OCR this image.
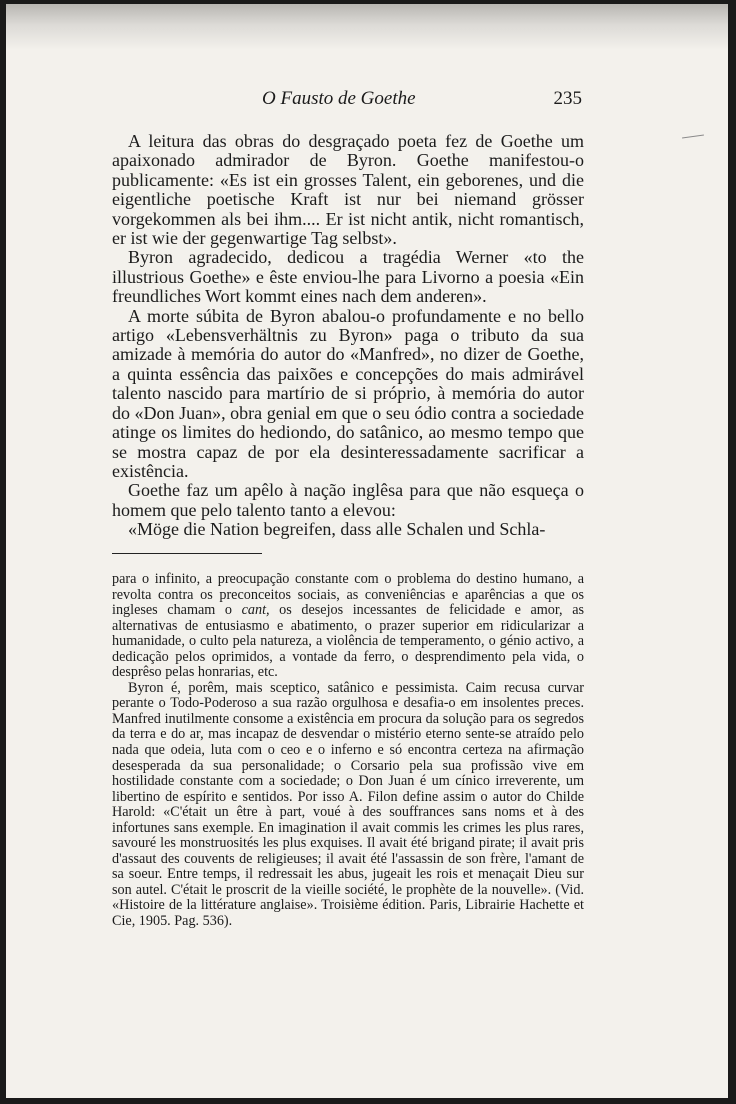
O Fausto de Goethe	235

A leitura das obras do desgraçado poeta fez de Goethe um apaixonado admirador de Byron. Goethe manifestou-o publicamente: «Es ist ein grosses Talent, ein geborenes, und die eigentliche poetische Kraft ist nur bei niemand grösser vorgekommen als bei ihm.... Er ist nicht antik, nicht romantisch, er ist wie der gegenwartige Tag selbst».

Byron agradecido, dedicou a tragédia Werner «to the illustrious Goethe» e êste enviou-lhe para Livorno a poesia «Ein freundliches Wort kommt eines nach dem anderen».

A morte súbita de Byron abalou-o profundamente e no bello artigo «Lebensverhältnis zu Byron» paga o tributo da sua amizade à memória do autor do «Manfred», no dizer de Goethe, a quinta essência das paixões e concepções do mais admirável talento nascido para martírio de si próprio, à memória do autor do «Don Juan», obra genial em que o seu ódio contra a sociedade atinge os limites do hediondo, do satânico, ao mesmo tempo que se mostra capaz de por ela desinteressadamente sacrificar a existência.

Goethe faz um apêlo à nação inglêsa para que não esqueça o homem que pelo talento tanto a elevou:

«Möge die Nation begreifen, dass alle Schalen und Schla-

para o infinito, a preocupação constante com o problema do destino humano, a revolta contra os preconceitos sociais, as conveniências e aparências a que os ingleses chamam o cant, os desejos incessantes de felicidade e amor, as alternativas de entusiasmo e abatimento, o prazer superior em ridicularizar a humanidade, o culto pela natureza, a violência de temperamento, o génio activo, a dedicação pelos oprimidos, a vontade da ferro, o desprendimento pela vida, o desprêso pelas honrarias, etc.

Byron é, porêm, mais sceptico, satânico e pessimista. Caim recusa curvar perante o Todo-Poderoso a sua razão orgulhosa e desafia-o em insolentes preces. Manfred inutilmente consome a existência em procura da solução para os segredos da terra e do ar, mas incapaz de desvendar o mistério eterno sente-se atraído pelo nada que odeia, luta com o ceo e o inferno e só encontra certeza na afirmação desesperada da sua personalidade; o Corsario pela sua profissão vive em hostilidade constante com a sociedade; o Don Juan é um cínico irreverente, um libertino de espírito e sentidos. Por isso A. Filon define assim o autor do Childe Harold: «C'était un être à part, voué à des souffrances sans noms et à des infortunes sans exemple. En imagination il avait commis les crimes les plus rares, savouré les monstruosités les plus exquises. Il avait été brigand pirate; il avait pris d'assaut des couvents de religieuses; il avait été l'assassin de son frère, l'amant de sa soeur. Entre temps, il redressait les abus, jugeait les rois et menaçait Dieu sur son autel. C'était le proscrit de la vieille société, le prophète de la nouvelle». (Vid. «Histoire de la littérature anglaise». Troisième édition. Paris, Librairie Hachette et Cie, 1905. Pag. 536).
